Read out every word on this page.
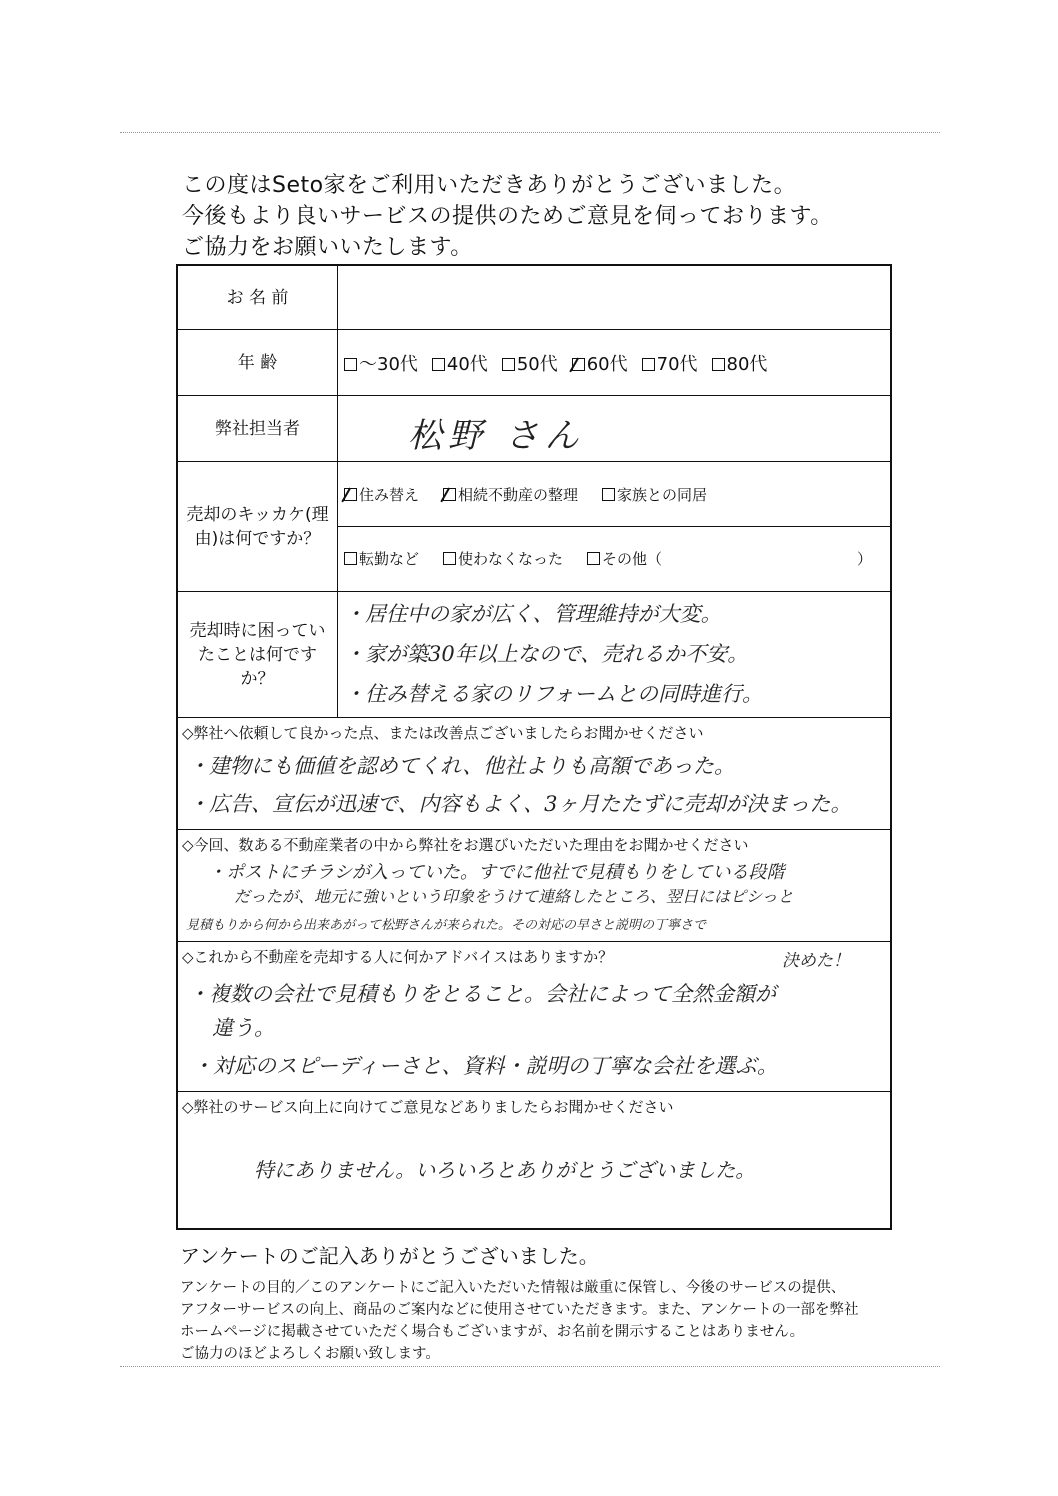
この度はSeto家をご利用いただきありがとうございました。
今後もより良いサービスの提供のためご意見を伺っております。
ご協力をお願いいたします。
お 名 前
年 齢	〜30代	40代	50代	60代	70代	80代
弊社担当者	松野 さん
売却のキッカケ(理由)は何ですか？
住み替え	相続不動産の整理	家族との同居
転勤など	使わなくなった	その他（	）
売却時に困っていたことは何ですか？
・居住中の家が広く、管理維持が大変。
・家が築30年以上なので、売れるか不安。
・住み替える家のリフォームとの同時進行。
◇弊社へ依頼して良かった点、または改善点ございましたらお聞かせください
・建物にも価値を認めてくれ、他社よりも高額であった。
・広告、宣伝が迅速で、内容もよく、3ヶ月たたずに売却が決まった。
◇今回、数ある不動産業者の中から弊社をお選びいただいた理由をお聞かせください
・ポストにチラシが入っていた。すでに他社で見積もりをしている段階
だったが、地元に強いという印象をうけて連絡したところ、翌日にはピシっと
見積もりから何から出来あがって松野さんが来られた。その対応の早さと説明の丁寧さで
◇これから不動産を売却する人に何かアドバイスはありますか？	決めた！
・複数の会社で見積もりをとること。会社によって全然金額が
違う。
・対応のスピーディーさと、資料・説明の丁寧な会社を選ぶ。
◇弊社のサービス向上に向けてご意見などありましたらお聞かせください
特にありません。いろいろとありがとうございました。
アンケートのご記入ありがとうございました。
アンケートの目的／このアンケートにご記入いただいた情報は厳重に保管し、今後のサービスの提供、
アフターサービスの向上、商品のご案内などに使用させていただきます。また、アンケートの一部を弊社
ホームページに掲載させていただく場合もございますが、お名前を開示することはありません。
ご協力のほどよろしくお願い致します。
